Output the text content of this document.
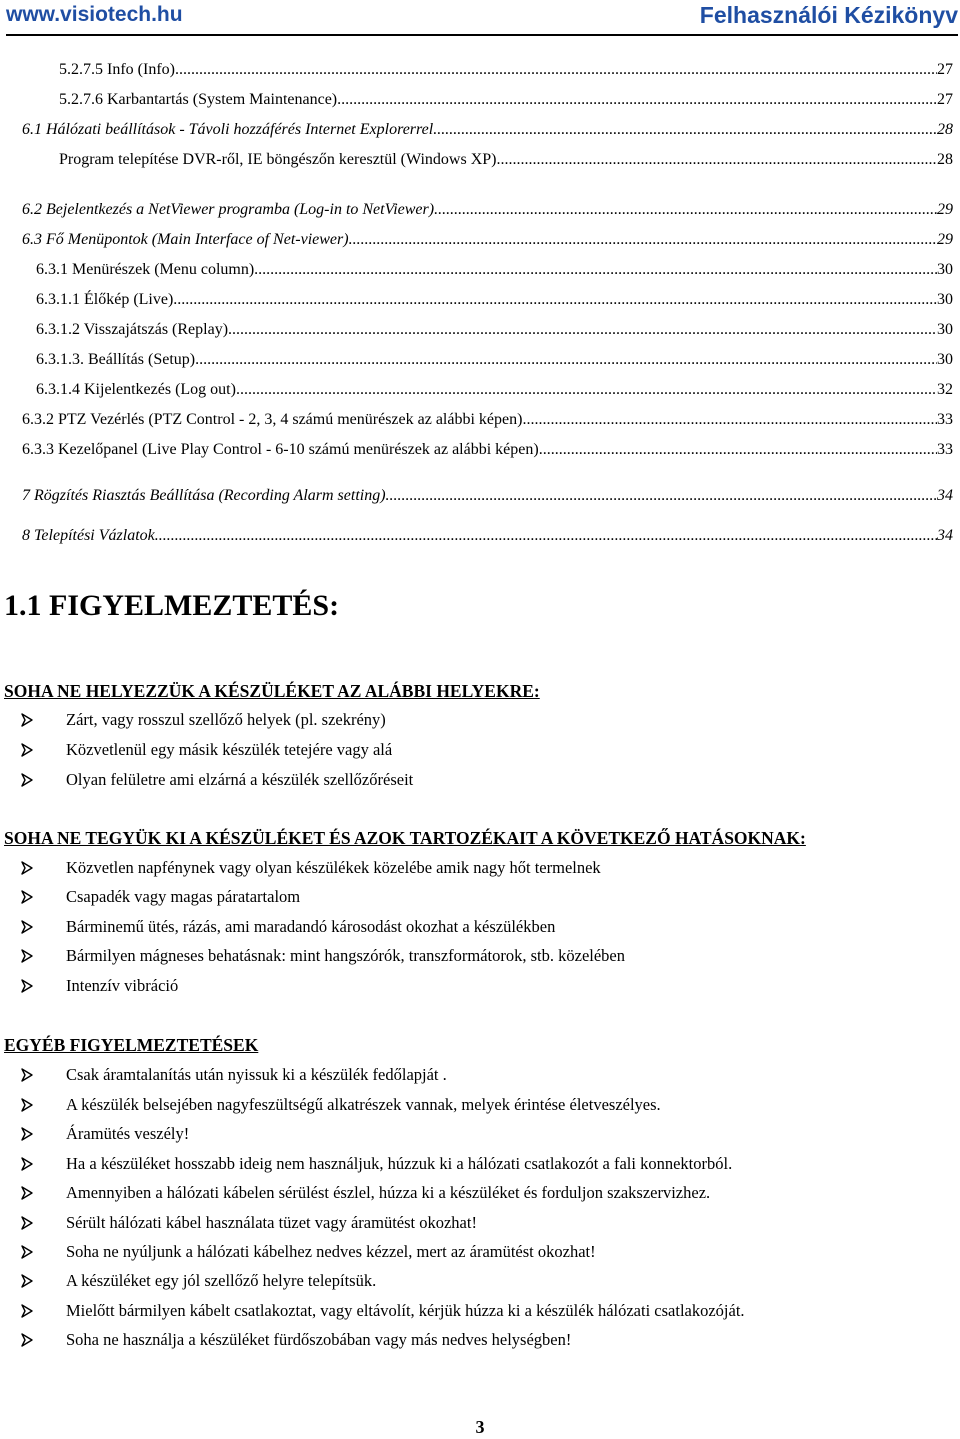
www.visiotech.hu	Felhasználói Kézikönyv
5.2.7.5 Info (Info) .....	27
5.2.7.6 Karbantartás (System Maintenance) .....	27
6.1 Hálózati beállítások - Távoli hozzáférés Internet Explorerrel .....	28
Program telepítése DVR-ről, IE böngészőn keresztül (Windows XP) .....	28
6.2 Bejelentkezés a NetViewer programba (Log-in to NetViewer) .....	29
6.3 Fő Menüpontok (Main Interface of Net-viewer) .....	29
6.3.1 Menürészek (Menu column) .....	30
6.3.1.1 Élőkép (Live) .....	30
6.3.1.2 Visszajátszás (Replay) .....	30
6.3.1.3. Beállítás (Setup) .....	30
6.3.1.4 Kijelentkezés (Log out) .....	32
6.3.2 PTZ Vezérlés (PTZ Control - 2, 3, 4 számú menürészek az alábbi képen) .....	33
6.3.3 Kezelőpanel (Live Play Control - 6-10 számú menürészek az alábbi képen) .....	33
7 Rögzítés Riasztás Beállítása (Recording Alarm setting) .....	34
8 Telepítési Vázlatok .....	34
1.1 FIGYELMEZTETÉS:
SOHA NE HELYEZZÜK A KÉSZÜLÉKET AZ ALÁBBI HELYEKRE:
Zárt, vagy rosszul szellőző helyek (pl. szekrény)
Közvetlenül egy másik készülék tetejére vagy alá
Olyan felületre ami elzárná a készülék szellőzőréseit
SOHA NE TEGYÜK KI A KÉSZÜLÉKET ÉS AZOK TARTOZÉKAIT A KÖVETKEZŐ HATÁSOKNAK:
Közvetlen napfénynek vagy olyan készülékek közelébe amik nagy hőt termelnek
Csapadék vagy magas páratartalom
Bárminemű ütés, rázás, ami maradandó károsodást okozhat a készülékben
Bármilyen mágneses behatásnak: mint hangszórók, transzformátorok, stb. közelében
Intenzív vibráció
EGYÉB FIGYELMEZTETÉSEK
Csak áramtalanítás után nyissuk ki a készülék fedőlapját .
A készülék belsejében nagyfeszültségű alkatrészek vannak, melyek érintése életveszélyes.
Áramütés veszély!
Ha a készüléket hosszabb ideig nem használjuk, húzzuk ki a hálózati csatlakozót a fali konnektorból.
Amennyiben a hálózati kábelen sérülést észlel, húzza ki a készüléket és forduljon szakszervizhez.
Sérült hálózati kábel használata tüzet vagy áramütést okozhat!
Soha ne nyúljunk a hálózati kábelhez nedves kézzel, mert az áramütést okozhat!
A készüléket egy jól szellőző helyre telepítsük.
Mielőtt bármilyen kábelt csatlakoztat, vagy eltávolít, kérjük húzza ki a készülék hálózati csatlakozóját.
Soha ne használja a készüléket fürdőszobában vagy más nedves helységben!
3
